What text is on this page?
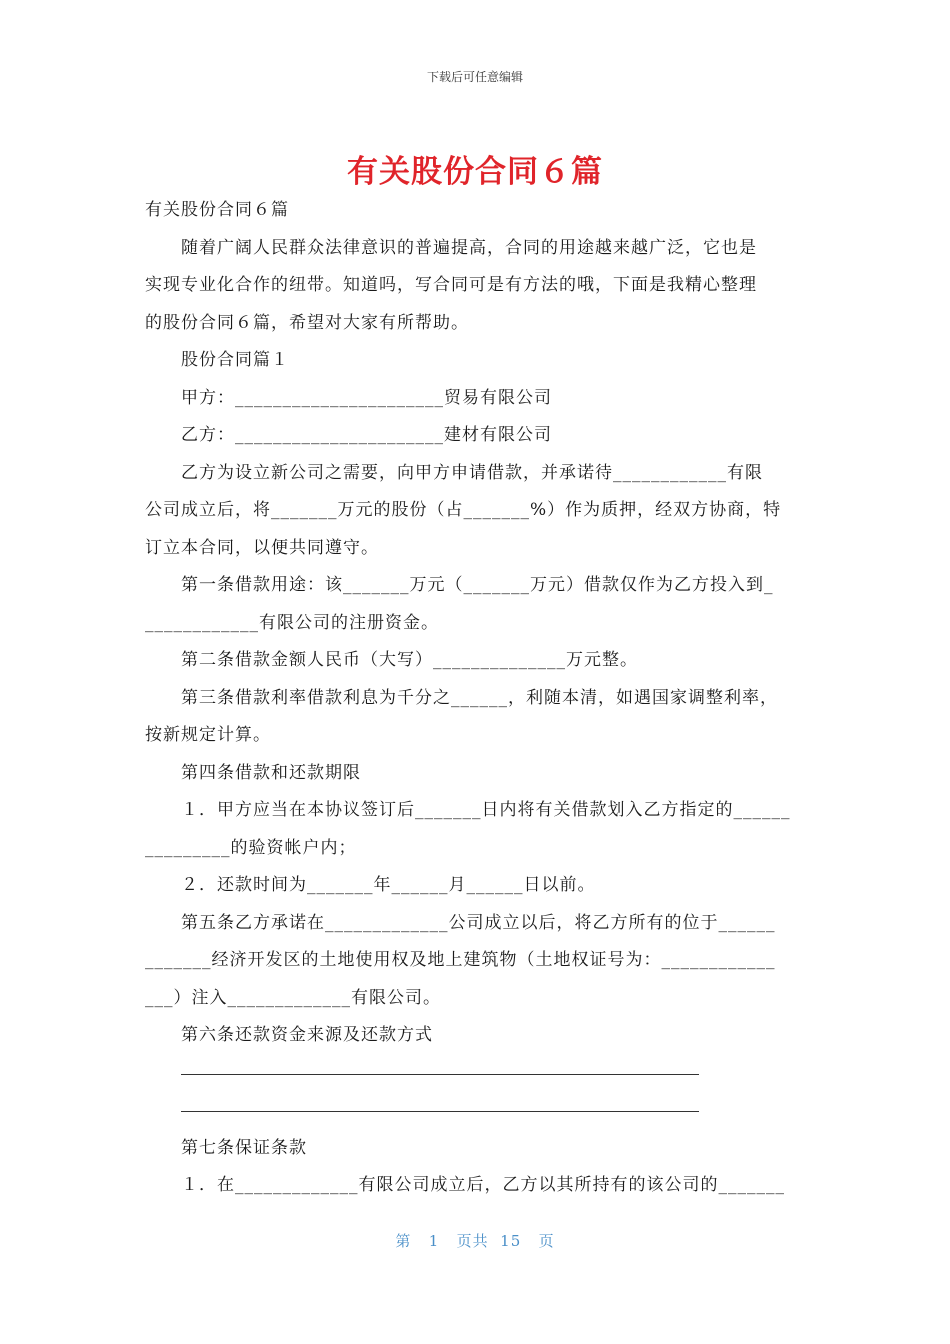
下载后可任意编辑
有关股份合同６篇
有关股份合同６篇
随着广阔人民群众法律意识的普遍提高，合同的用途越来越广泛，它也是
实现专业化合作的纽带。知道吗，写合同可是有方法的哦，下面是我精心整理
的股份合同６篇，希望对大家有所帮助。
股份合同篇１
甲方：______________________贸易有限公司
乙方：______________________建材有限公司
乙方为设立新公司之需要，向甲方申请借款，并承诺待____________有限
公司成立后，将_______万元的股份（占_______%）作为质押，经双方协商，特
订立本合同，以便共同遵守。
第一条借款用途：该_______万元（_______万元）借款仅作为乙方投入到_
____________有限公司的注册资金。
第二条借款金额人民币（大写）______________万元整。
第三条借款利率借款利息为千分之______，利随本清，如遇国家调整利率，
按新规定计算。
第四条借款和还款期限
１．甲方应当在本协议签订后_______日内将有关借款划入乙方指定的______
_________的验资帐户内；
２．还款时间为_______年______月______日以前。
第五条乙方承诺在_____________公司成立以后，将乙方所有的位于______
_______经济开发区的土地使用权及地上建筑物（土地权证号为：____________
___）注入_____________有限公司。
第六条还款资金来源及还款方式
第七条保证条款
１．在_____________有限公司成立后，乙方以其所持有的该公司的_______
第 1 页共 15 页
